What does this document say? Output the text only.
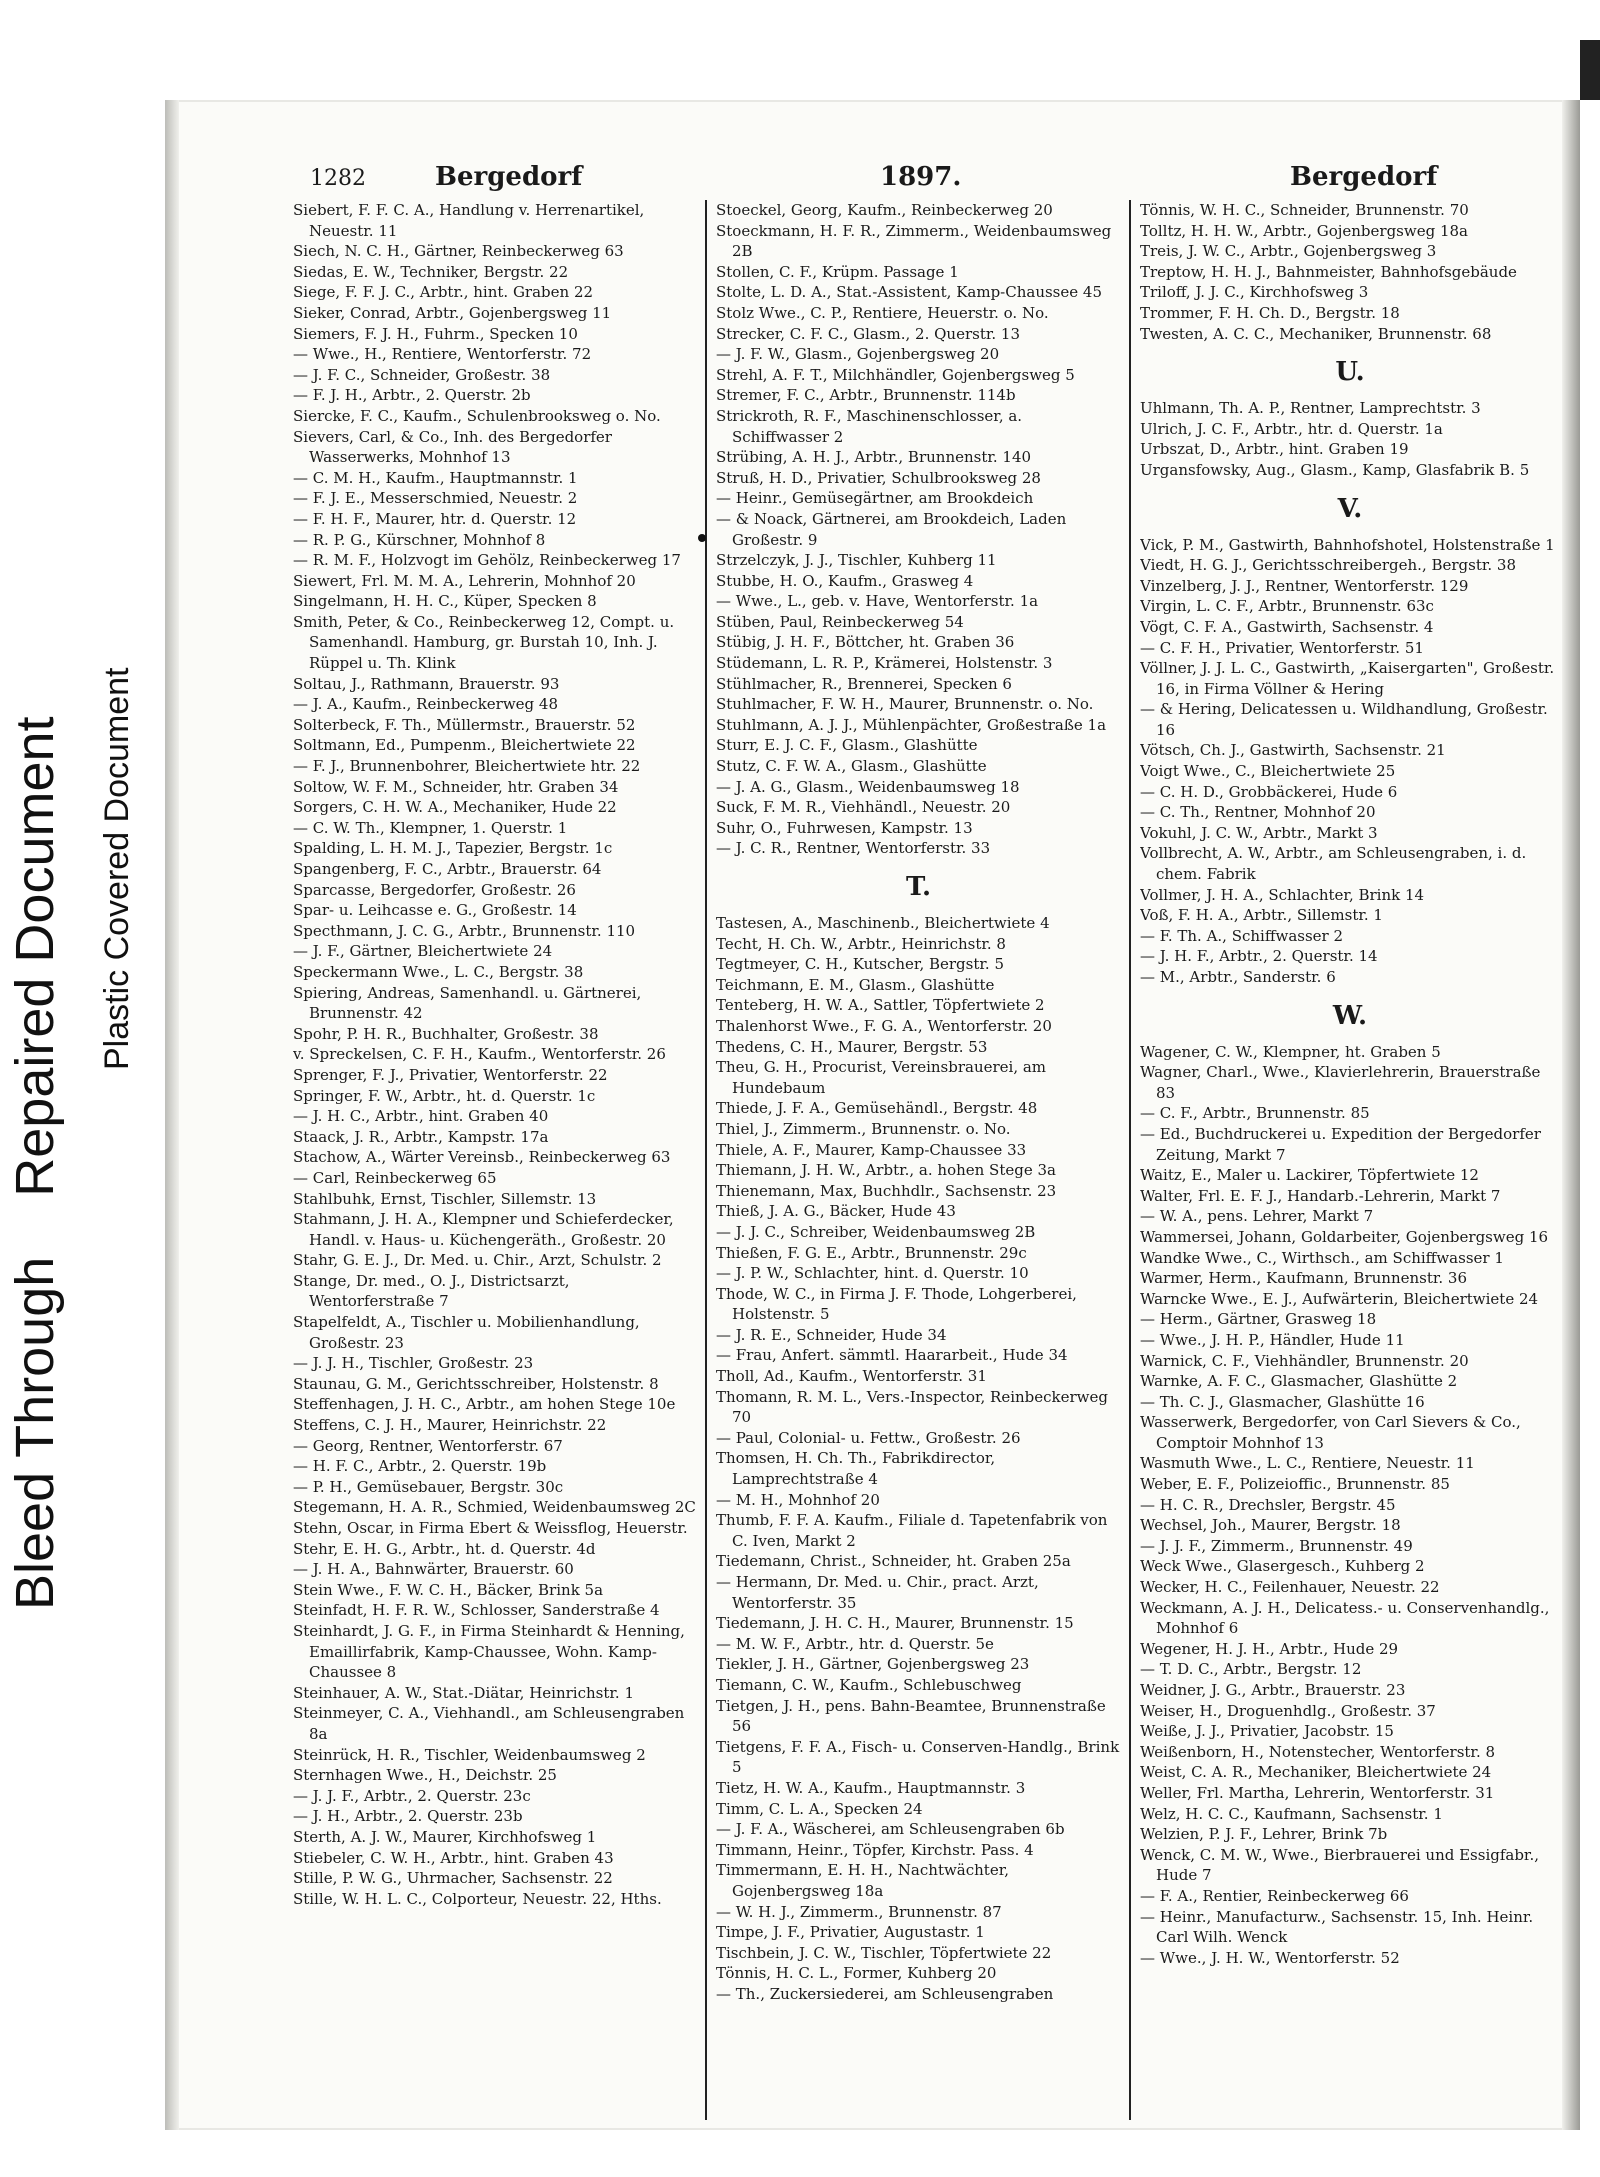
Bleed ThroughRepaired Document Plastic Covered Document
1282	Bergedorf	1897.	Bergedorf

Siebert, F. F. C. A., Handlung v. Herrenartikel, Neuestr. 11

Siech, N. C. H., Gärtner, Reinbeckerweg 63

Siedas, E. W., Techniker, Bergstr. 22

Siege, F. F. J. C., Arbtr., hint. Graben 22

Sieker, Conrad, Arbtr., Gojenbergsweg 11

Siemers, F. J. H., Fuhrm., Specken 10

— Wwe., H., Rentiere, Wentorferstr. 72

— J. F. C., Schneider, Großestr. 38

— F. J. H., Arbtr., 2. Querstr. 2b

Siercke, F. C., Kaufm., Schulenbrooksweg o. No.

Sievers, Carl, & Co., Inh. des Bergedorfer Wasserwerks, Mohnhof 13

— C. M. H., Kaufm., Hauptmannstr. 1

— F. J. E., Messerschmied, Neuestr. 2

— F. H. F., Maurer, htr. d. Querstr. 12

— R. P. G., Kürschner, Mohnhof 8

— R. M. F., Holzvogt im Gehölz, Reinbeckerweg 17

Siewert, Frl. M. M. A., Lehrerin, Mohnhof 20

Singelmann, H. H. C., Küper, Specken 8

Smith, Peter, & Co., Reinbeckerweg 12, Compt. u. Samenhandl. Hamburg, gr. Burstah 10, Inh. J. Rüppel u. Th. Klink

Soltau, J., Rathmann, Brauerstr. 93

— J. A., Kaufm., Reinbeckerweg 48

Solterbeck, F. Th., Müllermstr., Brauerstr. 52

Soltmann, Ed., Pumpenm., Bleichertwiete 22

— F. J., Brunnenbohrer, Bleichertwiete htr. 22

Soltow, W. F. M., Schneider, htr. Graben 34

Sorgers, C. H. W. A., Mechaniker, Hude 22

— C. W. Th., Klempner, 1. Querstr. 1

Spalding, L. H. M. J., Tapezier, Bergstr. 1c

Spangenberg, F. C., Arbtr., Brauerstr. 64

Sparcasse, Bergedorfer, Großestr. 26

Spar- u. Leihcasse e. G., Großestr. 14

Specthmann, J. C. G., Arbtr., Brunnenstr. 110

— J. F., Gärtner, Bleichertwiete 24

Speckermann Wwe., L. C., Bergstr. 38

Spiering, Andreas, Samenhandl. u. Gärtnerei, Brunnenstr. 42

Spohr, P. H. R., Buchhalter, Großestr. 38

v. Spreckelsen, C. F. H., Kaufm., Wentorferstr. 26

Sprenger, F. J., Privatier, Wentorferstr. 22

Springer, F. W., Arbtr., ht. d. Querstr. 1c

— J. H. C., Arbtr., hint. Graben 40

Staack, J. R., Arbtr., Kampstr. 17a

Stachow, A., Wärter Vereinsb., Reinbeckerweg 63

— Carl, Reinbeckerweg 65

Stahlbuhk, Ernst, Tischler, Sillemstr. 13

Stahmann, J. H. A., Klempner und Schieferdecker, Handl. v. Haus- u. Küchengeräth., Großestr. 20

Stahr, G. E. J., Dr. Med. u. Chir., Arzt, Schulstr. 2

Stange, Dr. med., O. J., Districtsarzt, Wentorferstraße 7

Stapelfeldt, A., Tischler u. Mobilienhandlung, Großestr. 23

— J. J. H., Tischler, Großestr. 23

Staunau, G. M., Gerichtsschreiber, Holstenstr. 8

Steffenhagen, J. H. C., Arbtr., am hohen Stege 10e

Steffens, C. J. H., Maurer, Heinrichstr. 22

— Georg, Rentner, Wentorferstr. 67

— H. F. C., Arbtr., 2. Querstr. 19b

— P. H., Gemüsebauer, Bergstr. 30c

Stegemann, H. A. R., Schmied, Weidenbaumsweg 2C

Stehn, Oscar, in Firma Ebert & Weissflog, Heuerstr.

Stehr, E. H. G., Arbtr., ht. d. Querstr. 4d

— J. H. A., Bahnwärter, Brauerstr. 60

Stein Wwe., F. W. C. H., Bäcker, Brink 5a

Steinfadt, H. F. R. W., Schlosser, Sanderstraße 4

Steinhardt, J. G. F., in Firma Steinhardt & Henning, Emaillirfabrik, Kamp-Chaussee, Wohn. Kamp-Chaussee 8

Steinhauer, A. W., Stat.-Diätar, Heinrichstr. 1

Steinmeyer, C. A., Viehhandl., am Schleusengraben 8a

Steinrück, H. R., Tischler, Weidenbaumsweg 2

Sternhagen Wwe., H., Deichstr. 25

— J. J. F., Arbtr., 2. Querstr. 23c

— J. H., Arbtr., 2. Querstr. 23b

Sterth, A. J. W., Maurer, Kirchhofsweg 1

Stiebeler, C. W. H., Arbtr., hint. Graben 43

Stille, P. W. G., Uhrmacher, Sachsenstr. 22

Stille, W. H. L. C., Colporteur, Neuestr. 22, Hths.

Stoeckel, Georg, Kaufm., Reinbeckerweg 20

Stoeckmann, H. F. R., Zimmerm., Weidenbaumsweg 2B

Stollen, C. F., Krüpm. Passage 1

Stolte, L. D. A., Stat.-Assistent, Kamp-Chaussee 45

Stolz Wwe., C. P., Rentiere, Heuerstr. o. No.

Strecker, C. F. C., Glasm., 2. Querstr. 13

— J. F. W., Glasm., Gojenbergsweg 20

Strehl, A. F. T., Milchhändler, Gojenbergsweg 5

Stremer, F. C., Arbtr., Brunnenstr. 114b

Strickroth, R. F., Maschinenschlosser, a. Schiffwasser 2

Strübing, A. H. J., Arbtr., Brunnenstr. 140

Struß, H. D., Privatier, Schulbrooksweg 28

— Heinr., Gemüsegärtner, am Brookdeich

— & Noack, Gärtnerei, am Brookdeich, Laden Großestr. 9

Strzelczyk, J. J., Tischler, Kuhberg 11

Stubbe, H. O., Kaufm., Grasweg 4

— Wwe., L., geb. v. Have, Wentorferstr. 1a

Stüben, Paul, Reinbeckerweg 54

Stübig, J. H. F., Böttcher, ht. Graben 36

Stüdemann, L. R. P., Krämerei, Holstenstr. 3

Stühlmacher, R., Brennerei, Specken 6

Stuhlmacher, F. W. H., Maurer, Brunnenstr. o. No.

Stuhlmann, A. J. J., Mühlenpächter, Großestraße 1a

Sturr, E. J. C. F., Glasm., Glashütte

Stutz, C. F. W. A., Glasm., Glashütte

— J. A. G., Glasm., Weidenbaumsweg 18

Suck, F. M. R., Viehhändl., Neuestr. 20

Suhr, O., Fuhrwesen, Kampstr. 13

— J. C. R., Rentner, Wentorferstr. 33

T.

Tastesen, A., Maschinenb., Bleichertwiete 4

Techt, H. Ch. W., Arbtr., Heinrichstr. 8

Tegtmeyer, C. H., Kutscher, Bergstr. 5

Teichmann, E. M., Glasm., Glashütte

Tenteberg, H. W. A., Sattler, Töpfertwiete 2

Thalenhorst Wwe., F. G. A., Wentorferstr. 20

Thedens, C. H., Maurer, Bergstr. 53

Theu, G. H., Procurist, Vereinsbrauerei, am Hundebaum

Thiede, J. F. A., Gemüsehändl., Bergstr. 48

Thiel, J., Zimmerm., Brunnenstr. o. No.

Thiele, A. F., Maurer, Kamp-Chaussee 33

Thiemann, J. H. W., Arbtr., a. hohen Stege 3a

Thienemann, Max, Buchhdlr., Sachsenstr. 23

Thieß, J. A. G., Bäcker, Hude 43

— J. J. C., Schreiber, Weidenbaumsweg 2B

Thießen, F. G. E., Arbtr., Brunnenstr. 29c

— J. P. W., Schlachter, hint. d. Querstr. 10

Thode, W. C., in Firma J. F. Thode, Lohgerberei, Holstenstr. 5

— J. R. E., Schneider, Hude 34

— Frau, Anfert. sämmtl. Haararbeit., Hude 34

Tholl, Ad., Kaufm., Wentorferstr. 31

Thomann, R. M. L., Vers.-Inspector, Reinbeckerweg 70

— Paul, Colonial- u. Fettw., Großestr. 26

Thomsen, H. Ch. Th., Fabrikdirector, Lamprechtstraße 4

— M. H., Mohnhof 20

Thumb, F. F. A. Kaufm., Filiale d. Tapetenfabrik von C. Iven, Markt 2

Tiedemann, Christ., Schneider, ht. Graben 25a

— Hermann, Dr. Med. u. Chir., pract. Arzt, Wentorferstr. 35

Tiedemann, J. H. C. H., Maurer, Brunnenstr. 15

— M. W. F., Arbtr., htr. d. Querstr. 5e

Tiekler, J. H., Gärtner, Gojenbergsweg 23

Tiemann, C. W., Kaufm., Schlebuschweg

Tietgen, J. H., pens. Bahn-Beamtee, Brunnenstraße 56

Tietgens, F. F. A., Fisch- u. Conserven-Handlg., Brink 5

Tietz, H. W. A., Kaufm., Hauptmannstr. 3

Timm, C. L. A., Specken 24

— J. F. A., Wäscherei, am Schleusengraben 6b

Timmann, Heinr., Töpfer, Kirchstr. Pass. 4

Timmermann, E. H. H., Nachtwächter, Gojenbergsweg 18a

— W. H. J., Zimmerm., Brunnenstr. 87

Timpe, J. F., Privatier, Augustastr. 1

Tischbein, J. C. W., Tischler, Töpfertwiete 22

Tönnis, H. C. L., Former, Kuhberg 20

— Th., Zuckersiederei, am Schleusengraben

Tönnis, W. H. C., Schneider, Brunnenstr. 70

Tolltz, H. H. W., Arbtr., Gojenbergsweg 18a

Treis, J. W. C., Arbtr., Gojenbergsweg 3

Treptow, H. H. J., Bahnmeister, Bahnhofsgebäude

Triloff, J. J. C., Kirchhofsweg 3

Trommer, F. H. Ch. D., Bergstr. 18

Twesten, A. C. C., Mechaniker, Brunnenstr. 68

U.

Uhlmann, Th. A. P., Rentner, Lamprechtstr. 3

Ulrich, J. C. F., Arbtr., htr. d. Querstr. 1a

Urbszat, D., Arbtr., hint. Graben 19

Urgansfowsky, Aug., Glasm., Kamp, Glasfabrik B. 5

V.

Vick, P. M., Gastwirth, Bahnhofshotel, Holstenstraße 1

Viedt, H. G. J., Gerichtsschreibergeh., Bergstr. 38

Vinzelberg, J. J., Rentner, Wentorferstr. 129

Virgin, L. C. F., Arbtr., Brunnenstr. 63c

Vögt, C. F. A., Gastwirth, Sachsenstr. 4

— C. F. H., Privatier, Wentorferstr. 51

Völlner, J. J. L. C., Gastwirth, „Kaisergarten", Großestr. 16, in Firma Völlner & Hering

— & Hering, Delicatessen u. Wildhandlung, Großestr. 16

Vötsch, Ch. J., Gastwirth, Sachsenstr. 21

Voigt Wwe., C., Bleichertwiete 25

— C. H. D., Grobbäckerei, Hude 6

— C. Th., Rentner, Mohnhof 20

Vokuhl, J. C. W., Arbtr., Markt 3

Vollbrecht, A. W., Arbtr., am Schleusengraben, i. d. chem. Fabrik

Vollmer, J. H. A., Schlachter, Brink 14

Voß, F. H. A., Arbtr., Sillemstr. 1

— F. Th. A., Schiffwasser 2

— J. H. F., Arbtr., 2. Querstr. 14

— M., Arbtr., Sanderstr. 6

W.

Wagener, C. W., Klempner, ht. Graben 5

Wagner, Charl., Wwe., Klavierlehrerin, Brauerstraße 83

— C. F., Arbtr., Brunnenstr. 85

— Ed., Buchdruckerei u. Expedition der Bergedorfer Zeitung, Markt 7

Waitz, E., Maler u. Lackirer, Töpfertwiete 12

Walter, Frl. E. F. J., Handarb.-Lehrerin, Markt 7

— W. A., pens. Lehrer, Markt 7

Wammersei, Johann, Goldarbeiter, Gojenbergsweg 16

Wandke Wwe., C., Wirthsch., am Schiffwasser 1

Warmer, Herm., Kaufmann, Brunnenstr. 36

Warncke Wwe., E. J., Aufwärterin, Bleichertwiete 24

— Herm., Gärtner, Grasweg 18

— Wwe., J. H. P., Händler, Hude 11

Warnick, C. F., Viehhändler, Brunnenstr. 20

Warnke, A. F. C., Glasmacher, Glashütte 2

— Th. C. J., Glasmacher, Glashütte 16

Wasserwerk, Bergedorfer, von Carl Sievers & Co., Comptoir Mohnhof 13

Wasmuth Wwe., L. C., Rentiere, Neuestr. 11

Weber, E. F., Polizeioffic., Brunnenstr. 85

— H. C. R., Drechsler, Bergstr. 45

Wechsel, Joh., Maurer, Bergstr. 18

— J. J. F., Zimmerm., Brunnenstr. 49

Weck Wwe., Glasergesch., Kuhberg 2

Wecker, H. C., Feilenhauer, Neuestr. 22

Weckmann, A. J. H., Delicatess.- u. Conservenhandlg., Mohnhof 6

Wegener, H. J. H., Arbtr., Hude 29

— T. D. C., Arbtr., Bergstr. 12

Weidner, J. G., Arbtr., Brauerstr. 23

Weiser, H., Droguenhdlg., Großestr. 37

Weiße, J. J., Privatier, Jacobstr. 15

Weißenborn, H., Notenstecher, Wentorferstr. 8

Weist, C. A. R., Mechaniker, Bleichertwiete 24

Weller, Frl. Martha, Lehrerin, Wentorferstr. 31

Welz, H. C. C., Kaufmann, Sachsenstr. 1

Welzien, P. J. F., Lehrer, Brink 7b

Wenck, C. M. W., Wwe., Bierbrauerei und Essigfabr., Hude 7

— F. A., Rentier, Reinbeckerweg 66

— Heinr., Manufacturw., Sachsenstr. 15, Inh. Heinr. Carl Wilh. Wenck

— Wwe., J. H. W., Wentorferstr. 52
